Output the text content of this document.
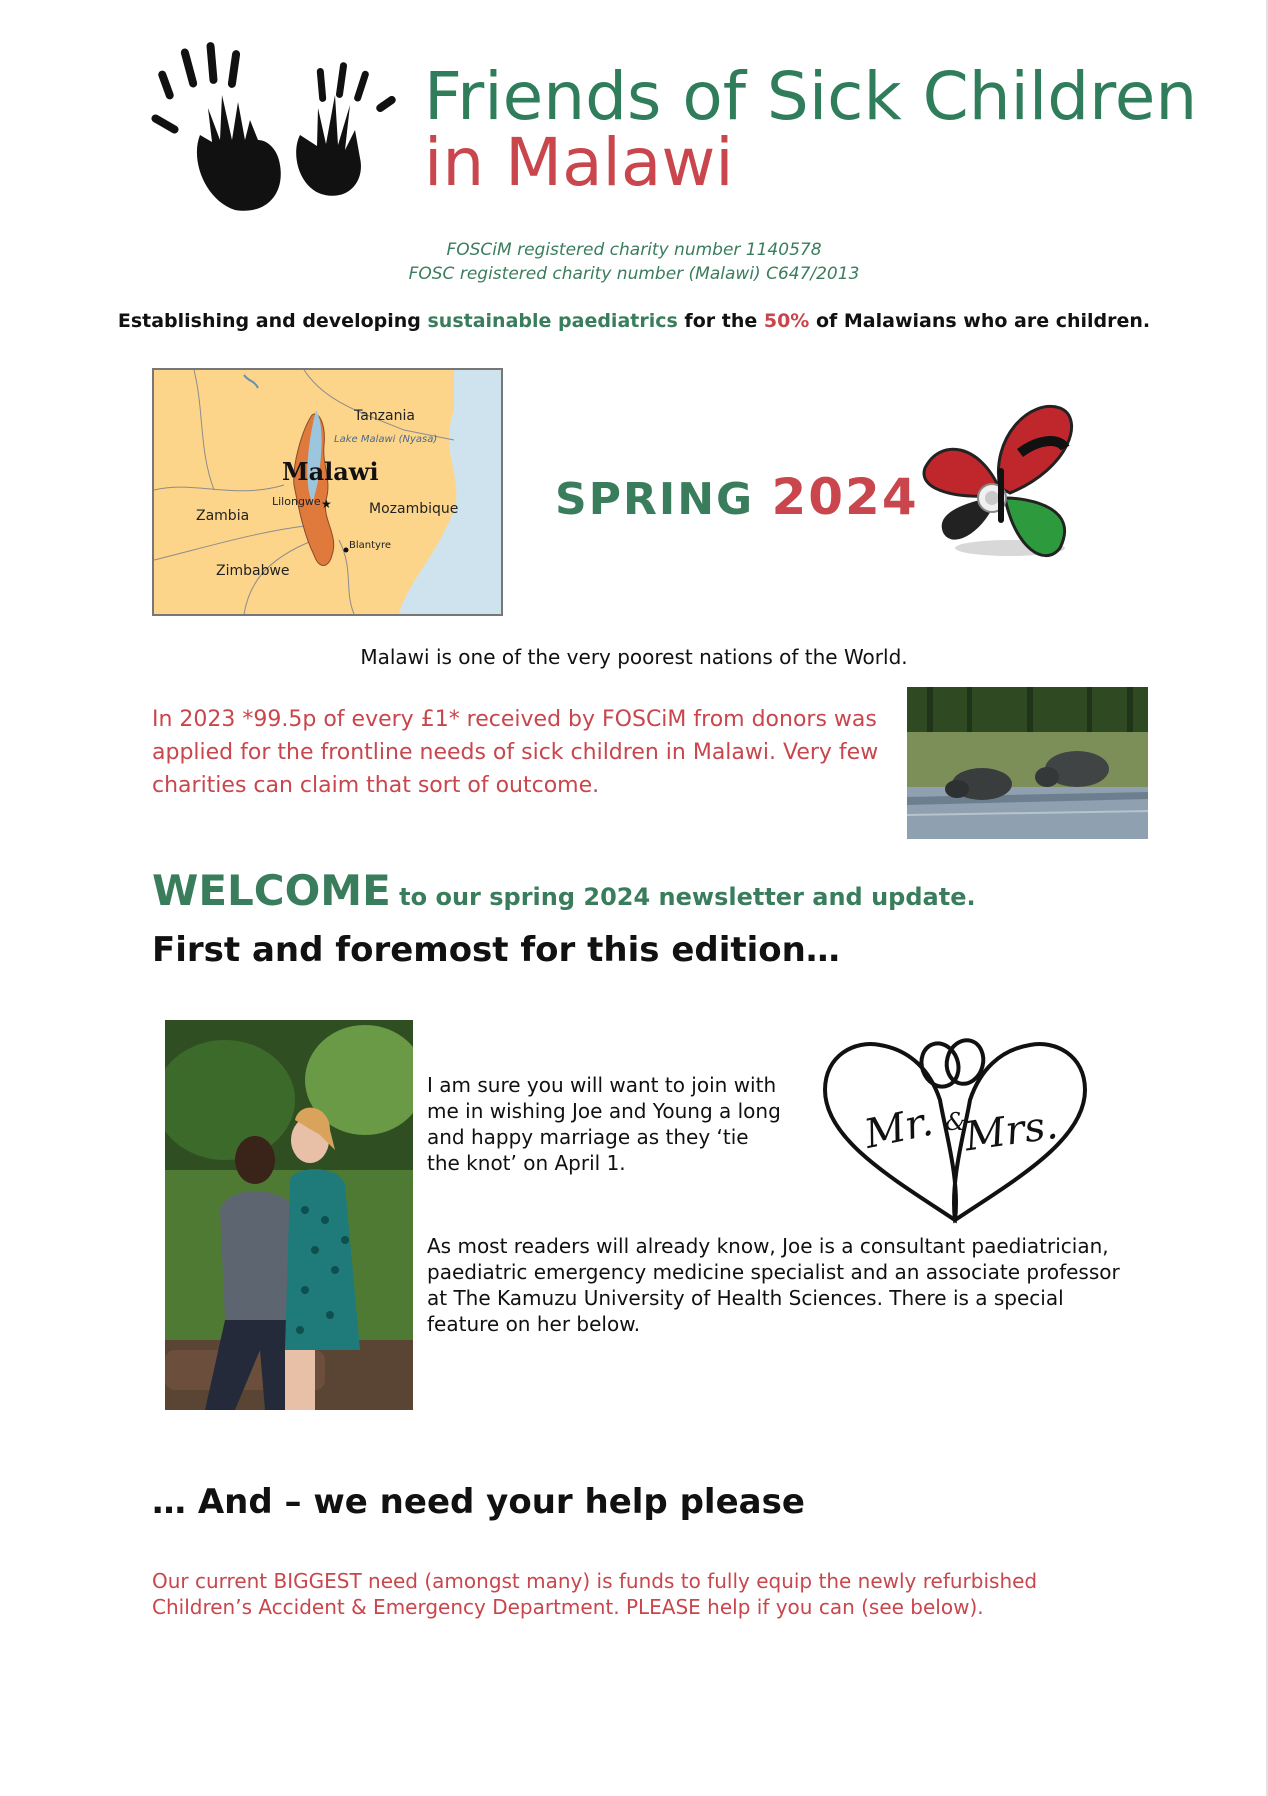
Friends of Sick Children
in Malawi
FOSCiM registered charity number 1140578
FOSC registered charity number (Malawi) C647/2013
Establishing and developing sustainable paediatrics for the 50% of Malawians who are children.
Tanzania
Lake Malawi (Nyasa)
Malawi
Lilongwe
Zambia	Mozambique
Blantyre
Zimbabwe
★	SPRING 2024
Malawi is one of the very poorest nations of the World.
In 2023 *99.5p of every £1* received by FOSCiM from donors was applied for the frontline needs of sick children in Malawi. Very few charities can claim that sort of outcome.
WELCOME to our spring 2024 newsletter and update.
First and foremost for this edition…
I am sure you will want to join with me in wishing Joe and Young a long and happy marriage as they ‘tie the knot’ on April 1.
Mr. &
Mrs.
As most readers will already know, Joe is a consultant paediatrician, paediatric emergency medicine specialist and an associate professor at The Kamuzu University of Health Sciences. There is a special feature on her below.
… And – we need your help please
Our current BIGGEST need (amongst many) is funds to fully equip the newly refurbished Children’s Accident & Emergency Department. PLEASE help if you can (see below).
